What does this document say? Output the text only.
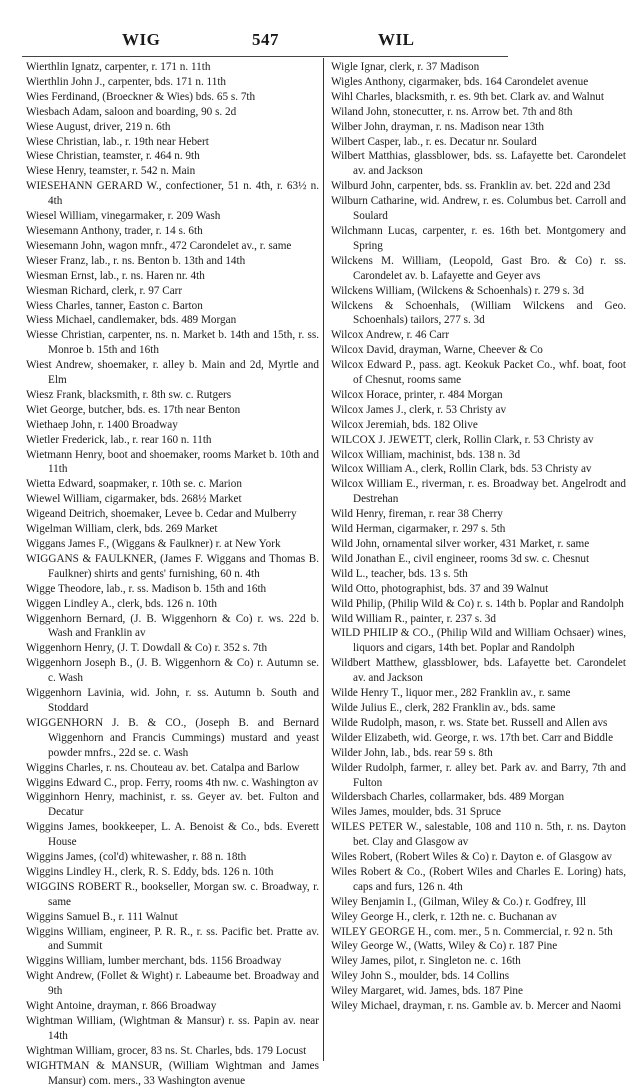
WIG	547	WIL

Wierthlin Ignatz, carpenter, r. 171 n. 11th

Wierthlin John J., carpenter, bds. 171 n. 11th

Wies Ferdinand, (Broeckner & Wies) bds. 65 s. 7th

Wiesbach Adam, saloon and boarding, 90 s. 2d

Wiese August, driver, 219 n. 6th

Wiese Christian, lab., r. 19th near Hebert

Wiese Christian, teamster, r. 464 n. 9th

Wiese Henry, teamster, r. 542 n. Main

WIESEHANN GERARD W., confectioner, 51 n. 4th, r. 63½ n. 4th

Wiesel William, vinegarmaker, r. 209 Wash

Wiesemann Anthony, trader, r. 14 s. 6th

Wiesemann John, wagon mnfr., 472 Carondelet av., r. same

Wieser Franz, lab., r. ns. Benton b. 13th and 14th

Wiesman Ernst, lab., r. ns. Haren nr. 4th

Wiesman Richard, clerk, r. 97 Carr

Wiess Charles, tanner, Easton c. Barton

Wiess Michael, candlemaker, bds. 489 Morgan

Wiesse Christian, carpenter, ns. n. Market b. 14th and 15th, r. ss. Monroe b. 15th and 16th

Wiest Andrew, shoemaker, r. alley b. Main and 2d, Myrtle and Elm

Wiesz Frank, blacksmith, r. 8th sw. c. Rutgers

Wiet George, butcher, bds. es. 17th near Benton

Wiethaep John, r. 1400 Broadway

Wietler Frederick, lab., r. rear 160 n. 11th

Wietmann Henry, boot and shoemaker, rooms Market b. 10th and 11th

Wietta Edward, soapmaker, r. 10th se. c. Marion

Wiewel William, cigarmaker, bds. 268½ Market

Wigeand Deitrich, shoemaker, Levee b. Cedar and Mulberry

Wigelman William, clerk, bds. 269 Market

Wiggans James F., (Wiggans & Faulkner) r. at New York

WIGGANS & FAULKNER, (James F. Wiggans and Thomas B. Faulkner) shirts and gents' furnishing, 60 n. 4th

Wigge Theodore, lab., r. ss. Madison b. 15th and 16th

Wiggen Lindley A., clerk, bds. 126 n. 10th

Wiggenhorn Bernard, (J. B. Wiggenhorn & Co) r. ws. 22d b. Wash and Franklin av

Wiggenhorn Henry, (J. T. Dowdall & Co) r. 352 s. 7th

Wiggenhorn Joseph B., (J. B. Wiggenhorn & Co) r. Autumn se. c. Wash

Wiggenhorn Lavinia, wid. John, r. ss. Autumn b. South and Stoddard

WIGGENHORN J. B. & CO., (Joseph B. and Bernard Wiggenhorn and Francis Cummings) mustard and yeast powder mnfrs., 22d se. c. Wash

Wiggins Charles, r. ns. Chouteau av. bet. Catalpa and Barlow

Wiggins Edward C., prop. Ferry, rooms 4th nw. c. Washington av

Wigginhorn Henry, machinist, r. ss. Geyer av. bet. Fulton and Decatur

Wiggins James, bookkeeper, L. A. Benoist & Co., bds. Everett House

Wiggins James, (col'd) whitewasher, r. 88 n. 18th

Wiggins Lindley H., clerk, R. S. Eddy, bds. 126 n. 10th

WIGGINS ROBERT R., bookseller, Morgan sw. c. Broadway, r. same

Wiggins Samuel B., r. 111 Walnut

Wiggins William, engineer, P. R. R., r. ss. Pacific bet. Pratte av. and Summit

Wiggins William, lumber merchant, bds. 1156 Broadway

Wight Andrew, (Follet & Wight) r. Labeaume bet. Broadway and 9th

Wight Antoine, drayman, r. 866 Broadway

Wightman William, (Wightman & Mansur) r. ss. Papin av. near 14th

Wightman William, grocer, 83 ns. St. Charles, bds. 179 Locust

WIGHTMAN & MANSUR, (William Wightman and James Mansur) com. mers., 33 Washington avenue

Wigle Ignar, clerk, r. 37 Madison

Wigles Anthony, cigarmaker, bds. 164 Carondelet avenue

Wihl Charles, blacksmith, r. es. 9th bet. Clark av. and Walnut

Wiland John, stonecutter, r. ns. Arrow bet. 7th and 8th

Wilber John, drayman, r. ns. Madison near 13th

Wilbert Casper, lab., r. es. Decatur nr. Soulard

Wilbert Matthias, glassblower, bds. ss. Lafayette bet. Carondelet av. and Jackson

Wilburd John, carpenter, bds. ss. Franklin av. bet. 22d and 23d

Wilburn Catharine, wid. Andrew, r. es. Columbus bet. Carroll and Soulard

Wilchmann Lucas, carpenter, r. es. 16th bet. Montgomery and Spring

Wilckens M. William, (Leopold, Gast Bro. & Co) r. ss. Carondelet av. b. Lafayette and Geyer avs

Wilckens William, (Wilckens & Schoenhals) r. 279 s. 3d

Wilckens & Schoenhals, (William Wilckens and Geo. Schoenhals) tailors, 277 s. 3d

Wilcox Andrew, r. 46 Carr

Wilcox David, drayman, Warne, Cheever & Co

Wilcox Edward P., pass. agt. Keokuk Packet Co., whf. boat, foot of Chesnut, rooms same

Wilcox Horace, printer, r. 484 Morgan

Wilcox James J., clerk, r. 53 Christy av

Wilcox Jeremiah, bds. 182 Olive

WILCOX J. JEWETT, clerk, Rollin Clark, r. 53 Christy av

Wilcox William, machinist, bds. 138 n. 3d

Wilcox William A., clerk, Rollin Clark, bds. 53 Christy av

Wilcox William E., riverman, r. es. Broadway bet. Angelrodt and Destrehan

Wild Henry, fireman, r. rear 38 Cherry

Wild Herman, cigarmaker, r. 297 s. 5th

Wild John, ornamental silver worker, 431 Market, r. same

Wild Jonathan E., civil engineer, rooms 3d sw. c. Chesnut

Wild L., teacher, bds. 13 s. 5th

Wild Otto, photographist, bds. 37 and 39 Walnut

Wild Philip, (Philip Wild & Co) r. s. 14th b. Poplar and Randolph

Wild William R., painter, r. 237 s. 3d

WILD PHILIP & CO., (Philip Wild and William Ochsaer) wines, liquors and cigars, 14th bet. Poplar and Randolph

Wildbert Matthew, glassblower, bds. Lafayette bet. Carondelet av. and Jackson

Wilde Henry T., liquor mer., 282 Franklin av., r. same

Wilde Julius E., clerk, 282 Franklin av., bds. same

Wilde Rudolph, mason, r. ws. State bet. Russell and Allen avs

Wilder Elizabeth, wid. George, r. ws. 17th bet. Carr and Biddle

Wilder John, lab., bds. rear 59 s. 8th

Wilder Rudolph, farmer, r. alley bet. Park av. and Barry, 7th and Fulton

Wildersbach Charles, collarmaker, bds. 489 Morgan

Wiles James, moulder, bds. 31 Spruce

WILES PETER W., salestable, 108 and 110 n. 5th, r. ns. Dayton bet. Clay and Glasgow av

Wiles Robert, (Robert Wiles & Co) r. Dayton e. of Glasgow av

Wiles Robert & Co., (Robert Wiles and Charles E. Loring) hats, caps and furs, 126 n. 4th

Wiley Benjamin I., (Gilman, Wiley & Co.) r. Godfrey, Ill

Wiley George H., clerk, r. 12th ne. c. Buchanan av

WILEY GEORGE H., com. mer., 5 n. Commercial, r. 92 n. 5th

Wiley George W., (Watts, Wiley & Co) r. 187 Pine

Wiley James, pilot, r. Singleton ne. c. 16th

Wiley John S., moulder, bds. 14 Collins

Wiley Margaret, wid. James, bds. 187 Pine

Wiley Michael, drayman, r. ns. Gamble av. b. Mercer and Naomi
